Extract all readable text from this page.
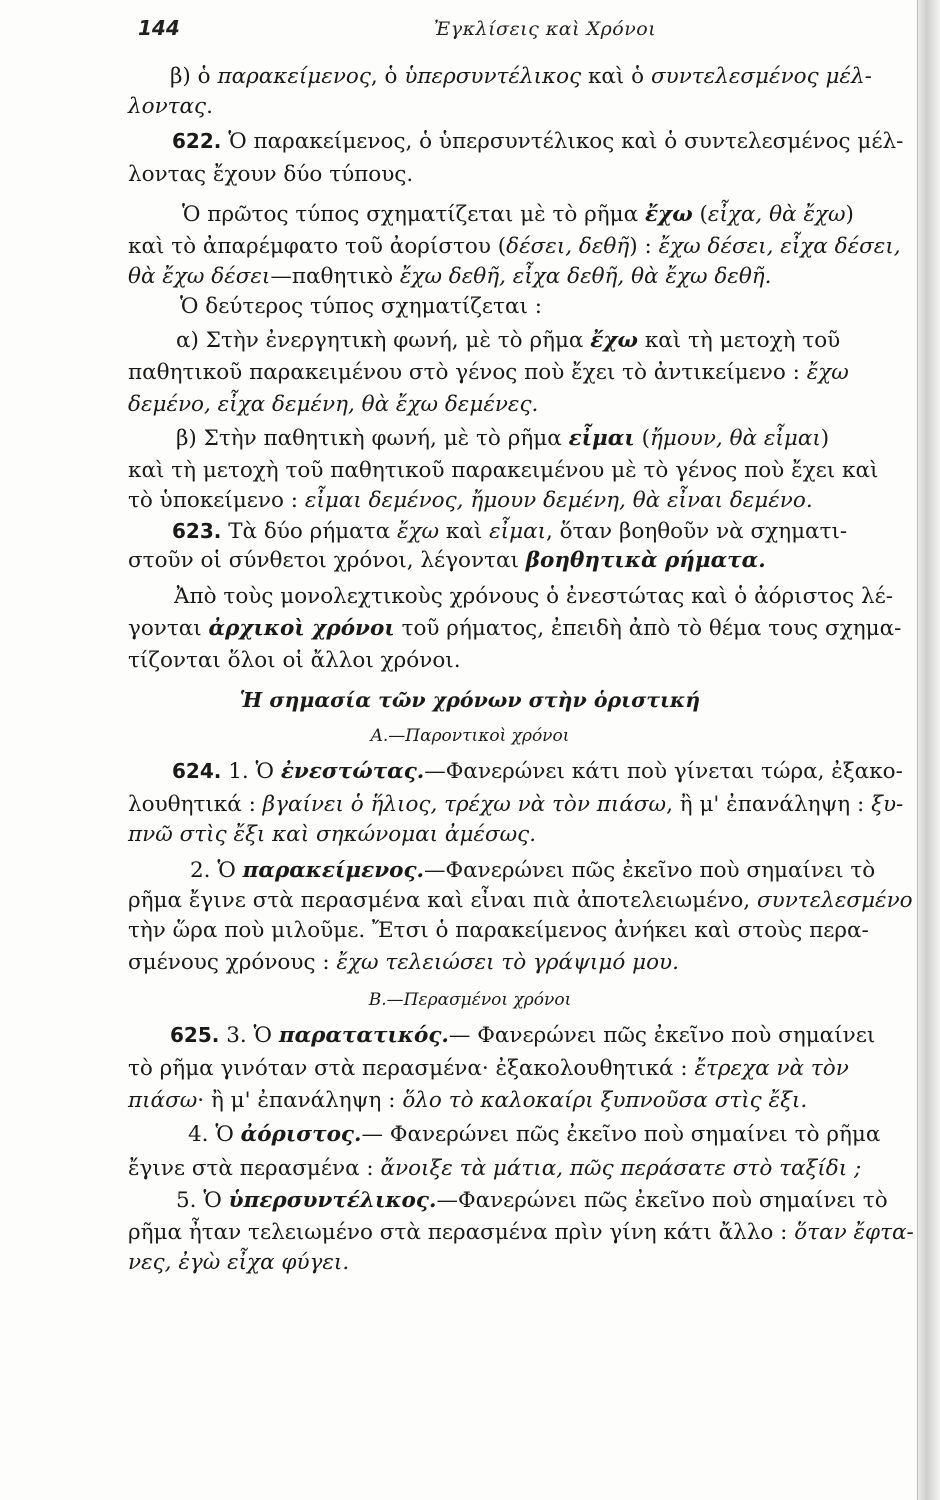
144	Ἐγκλίσεις καὶ Χρόνοι
β) ὁ παρακείμενος, ὁ ὑπερσυντέλικος καὶ ὁ συντελεσμένος μέλ-
λοντας.
622. Ὁ παρακείμενος, ὁ ὑπερσυντέλικος καὶ ὁ συντελεσμένος μέλ-
λοντας ἔχουν δύο τύπους.
Ὁ πρῶτος τύπος σχηματίζεται μὲ τὸ ρῆμα ἔχω (εἶχα, θὰ ἔχω)
καὶ τὸ ἀπαρέμφατο τοῦ ἀορίστου (δέσει, δεθῆ) : ἔχω δέσει, εἶχα δέσει,
θὰ ἔχω δέσει—παθητικὸ ἔχω δεθῆ, εἶχα δεθῆ, θὰ ἔχω δεθῆ.
Ὁ δεύτερος τύπος σχηματίζεται :
α) Στὴν ἐνεργητικὴ φωνή, μὲ τὸ ρῆμα ἔχω καὶ τὴ μετοχὴ τοῦ
παθητικοῦ παρακειμένου στὸ γένος ποὺ ἔχει τὸ ἀντικείμενο : ἔχω
δεμένο, εἶχα δεμένη, θὰ ἔχω δεμένες.
β) Στὴν παθητικὴ φωνή, μὲ τὸ ρῆμα εἶμαι (ἤμουν, θὰ εἶμαι)
καὶ τὴ μετοχὴ τοῦ παθητικοῦ παρακειμένου μὲ τὸ γένος ποὺ ἔχει καὶ
τὸ ὑποκείμενο : εἶμαι δεμένος, ἤμουν δεμένη, θὰ εἶναι δεμένο.
623. Τὰ δύο ρήματα ἔχω καὶ εἶμαι, ὅταν βοηθοῦν νὰ σχηματι-
στοῦν οἱ σύνθετοι χρόνοι, λέγονται βοηθητικὰ ρήματα.
Ἀπὸ τοὺς μονολεχτικοὺς χρόνους ὁ ἐνεστώτας καὶ ὁ ἀόριστος λέ-
γονται ἀρχικοὶ χρόνοι τοῦ ρήματος, ἐπειδὴ ἀπὸ τὸ θέμα τους σχημα-
τίζονται ὅλοι οἱ ἄλλοι χρόνοι.
624. 1. Ὁ ἐνεστώτας.—Φανερώνει κάτι ποὺ γίνεται τώρα, ἐξακο-
λουθητικά : βγαίνει ὁ ἥλιος, τρέχω νὰ τὸν πιάσω, ἢ μ' ἐπανάληψη : ξυ-
πνῶ στὶς ἔξι καὶ σηκώνομαι ἀμέσως.
2. Ὁ παρακείμενος.—Φανερώνει πῶς ἐκεῖνο ποὺ σημαίνει τὸ
ρῆμα ἔγινε στὰ περασμένα καὶ εἶναι πιὰ ἀποτελειωμένο, συντελεσμένο
τὴν ὥρα ποὺ μιλοῦμε. Ἔτσι ὁ παρακείμενος ἀνήκει καὶ στοὺς περα-
σμένους χρόνους : ἔχω τελειώσει τὸ γράψιμό μου.
625. 3. Ὁ παρατατικός.— Φανερώνει πῶς ἐκεῖνο ποὺ σημαίνει
τὸ ρῆμα γινόταν στὰ περασμένα· ἐξακολουθητικά : ἔτρεχα νὰ τὸν
πιάσω· ἢ μ' ἐπανάληψη : ὅλο τὸ καλοκαίρι ξυπνοῦσα στὶς ἔξι.
4. Ὁ ἀόριστος.— Φανερώνει πῶς ἐκεῖνο ποὺ σημαίνει τὸ ρῆμα
ἔγινε στὰ περασμένα : ἄνοιξε τὰ μάτια, πῶς περάσατε στὸ ταξίδι ;
5. Ὁ ὑπερσυντέλικος.—Φανερώνει πῶς ἐκεῖνο ποὺ σημαίνει τὸ
ρῆμα ἦταν τελειωμένο στὰ περασμένα πρὶν γίνη κάτι ἄλλο : ὅταν ἔφτα-
νες, ἐγὼ εἶχα φύγει.
Ἡ σημασία τῶν χρόνων στὴν ὁριστική
Α.—Παροντικοὶ χρόνοι
Β.—Περασμένοι χρόνοι
